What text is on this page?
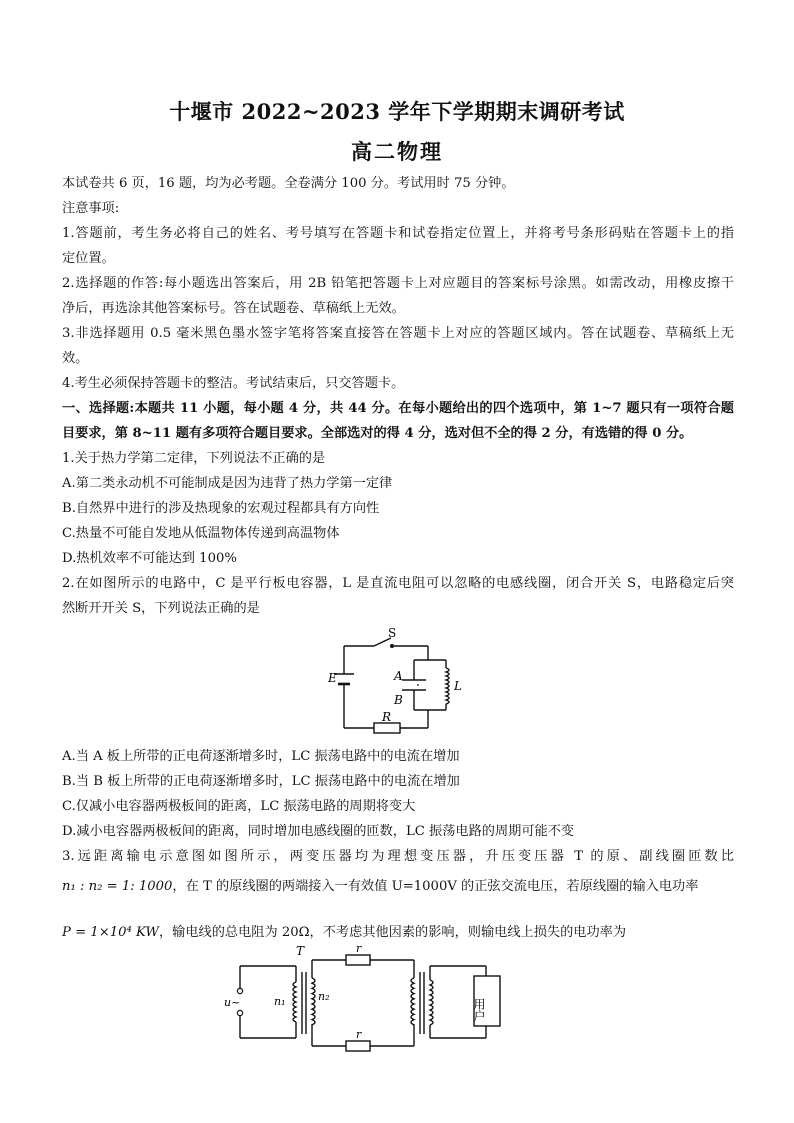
十堰市 2022~2023 学年下学期期末调研考试
高二物理
本试卷共 6 页，16 题，均为必考题。全卷满分 100 分。考试用时 75 分钟。
注意事项:
1.答题前，考生务必将自己的姓名、考号填写在答题卡和试卷指定位置上，并将考号条形码贴在答题卡上的指
定位置。
2.选择题的作答:每小题选出答案后，用 2B 铅笔把答题卡上对应题目的答案标号涂黑。如需改动，用橡皮擦干
净后，再选涂其他答案标号。答在试题卷、草稿纸上无效。
3.非选择题用 0.5 毫米黑色墨水签字笔将答案直接答在答题卡上对应的答题区域内。答在试题卷、草稿纸上无
效。
4.考生必须保持答题卡的整洁。考试结束后，只交答题卡。
一、选择题:本题共 11 小题，每小题 4 分，共 44 分。在每小题给出的四个选项中，第 1~7 题只有一项符合题
目要求，第 8~11 题有多项符合题目要求。全部选对的得 4 分，选对但不全的得 2 分，有选错的得 0 分。
1.关于热力学第二定律，下列说法不正确的是
A.第二类永动机不可能制成是因为违背了热力学第一定律
B.自然界中进行的涉及热现象的宏观过程都具有方向性
C.热量不可能自发地从低温物体传递到高温物体
D.热机效率不可能达到 100%
2.在如图所示的电路中，C 是平行板电容器，L 是直流电阻可以忽略的电感线圈，闭合开关 S，电路稳定后突
然断开开关 S，下列说法正确的是
S
E	A
B
L
R
A.当 A 板上所带的正电荷逐渐增多时，LC 振荡电路中的电流在增加
B.当 B 板上所带的正电荷逐渐增多时，LC 振荡电路中的电流在增加
C.仅减小电容器两极板间的距离，LC 振荡电路的周期将变大
D.减小电容器两极板间的距离，同时增加电感线圈的匝数，LC 振荡电路的周期可能不变
3.远距离输电示意图如图所示，两变压器均为理想变压器，升压变压器 T 的原、副线圈匝数比
n₁ : n₂ = 1: 1000，在 T 的原线圈的两端接入一有效值 U=1000V 的正弦交流电压，若原线圈的输入电功率
P = 1×10⁴ KW，输电线的总电阻为 20Ω，不考虑其他因素的影响，则输电线上损失的电功率为
T
u~	n₁	n₂
r
r
用户
